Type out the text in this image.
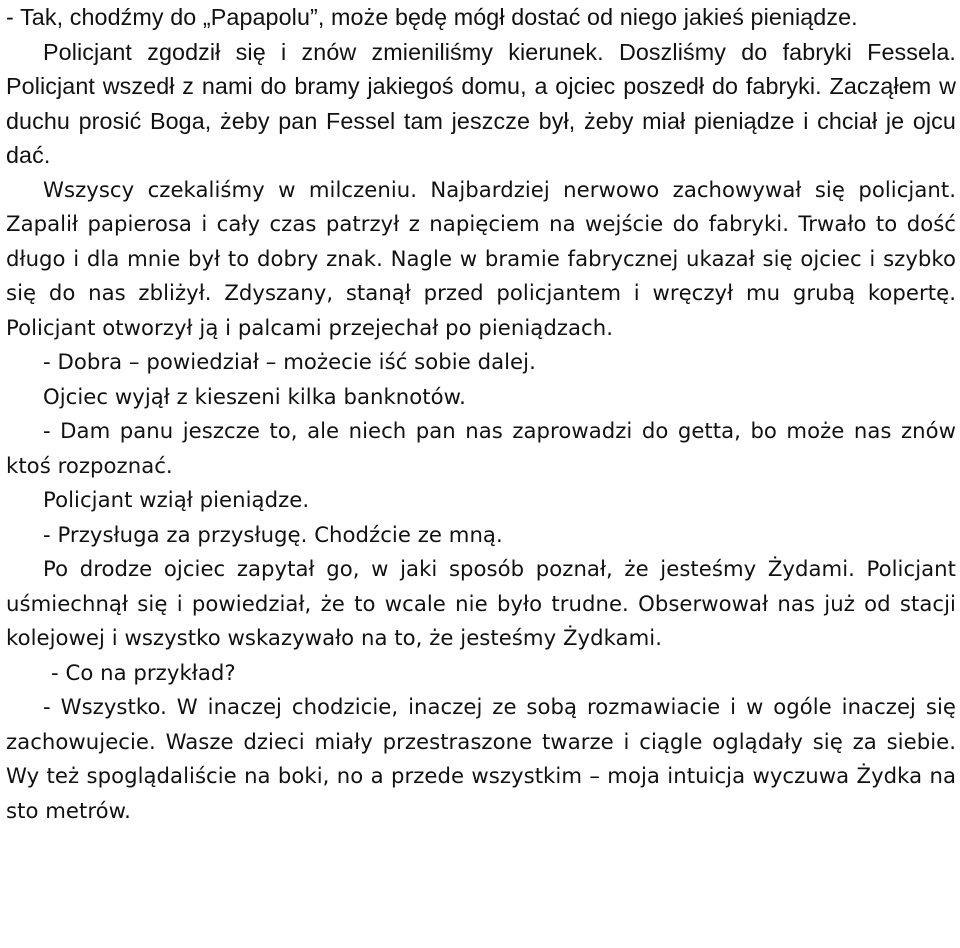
- Tak, chodźmy do „Papapolu”, może będę mógł dostać od niego jakieś pieniądze.

Policjant zgodził się i znów zmieniliśmy kierunek. Doszliśmy do fabryki Fessela. Policjant wszedł z nami do bramy jakiegoś domu, a ojciec poszedł do fabryki. Zacząłem w duchu prosić Boga, żeby pan Fessel tam jeszcze był, żeby miał pieniądze i chciał je ojcu dać.

Wszyscy czekaliśmy w milczeniu. Najbardziej nerwowo zachowywał się policjant. Zapalił papierosa i cały czas patrzył z napięciem na wejście do fabryki. Trwało to dość długo i dla mnie był to dobry znak. Nagle w bramie fabrycznej ukazał się ojciec i szybko się do nas zbliżył. Zdyszany, stanął przed policjantem i wręczył mu grubą kopertę. Policjant otworzył ją i palcami przejechał po pieniądzach.

- Dobra – powiedział – możecie iść sobie dalej.

Ojciec wyjął z kieszeni kilka banknotów.

- Dam panu jeszcze to, ale niech pan nas zaprowadzi do getta, bo może nas znów ktoś rozpoznać.

Policjant wziął pieniądze.

- Przysługa za przysługę. Chodźcie ze mną.

Po drodze ojciec zapytał go, w jaki sposób poznał, że jesteśmy Żydami. Policjant uśmiechnął się i powiedział, że to wcale nie było trudne. Obserwował nas już od stacji kolejowej i wszystko wskazywało na to, że jesteśmy Żydkami.

- Co na przykład?

- Wszystko. W inaczej chodzicie, inaczej ze sobą rozmawiacie i w ogóle inaczej się zachowujecie. Wasze dzieci miały przestraszone twarze i ciągle oglądały się za siebie. Wy też spoglądaliście na boki, no a przede wszystkim – moja intuicja wyczuwa Żydka na sto metrów.
